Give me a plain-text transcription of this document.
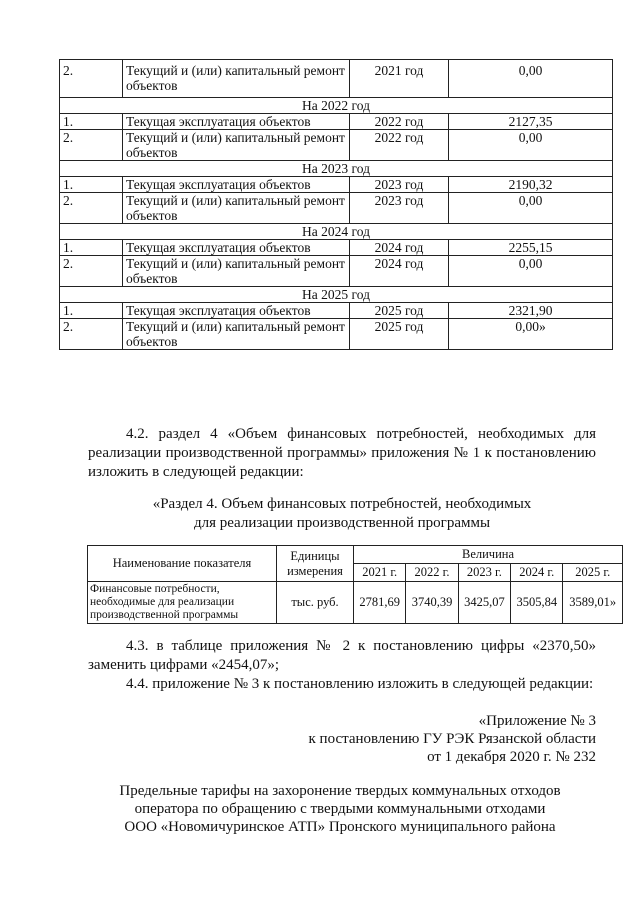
2.	Текущий и (или) капитальный ремонт объектов	2021 год	0,00
На 2022 год			
1.	Текущая эксплуатация объектов	2022 год	2127,35
2.	Текущий и (или) капитальный ремонт объектов	2022 год	0,00
На 2023 год			
1.	Текущая эксплуатация объектов	2023 год	2190,32
2.	Текущий и (или) капитальный ремонт объектов	2023 год	0,00
На 2024 год			
1.	Текущая эксплуатация объектов	2024 год	2255,15
2.	Текущий и (или) капитальный ремонт объектов	2024 год	0,00
На 2025 год			
1.	Текущая эксплуатация объектов	2025 год	2321,90
2.	Текущий и (или) капитальный ремонт объектов	2025 год	0,00»

4.2. раздел 4 «Объем финансовых потребностей, необходимых для реализации производственной программы» приложения № 1 к постановлению изложить в следующей редакции:

«Раздел 4. Объем финансовых потребностей, необходимых

для реализации производственной программы

Наименование показателя	Единицы измерения	Величина				
		2021 г.	2022 г.	2023 г.	2024 г.	2025 г.
Финансовые потребности, необходимые для реализации производственной программы	тыс. руб.	2781,69	3740,39	3425,07	3505,84	3589,01»

4.3. в таблице приложения № 2 к постановлению цифры «2370,50» заменить цифрами «2454,07»;

4.4. приложение № 3 к постановлению изложить в следующей редакции:

«Приложение № 3

к постановлению ГУ РЭК Рязанской области

от 1 декабря 2020 г. № 232

Предельные тарифы на захоронение твердых коммунальных отходов

оператора по обращению с твердыми коммунальными отходами

ООО «Новомичуринское АТП» Пронского муниципального района
